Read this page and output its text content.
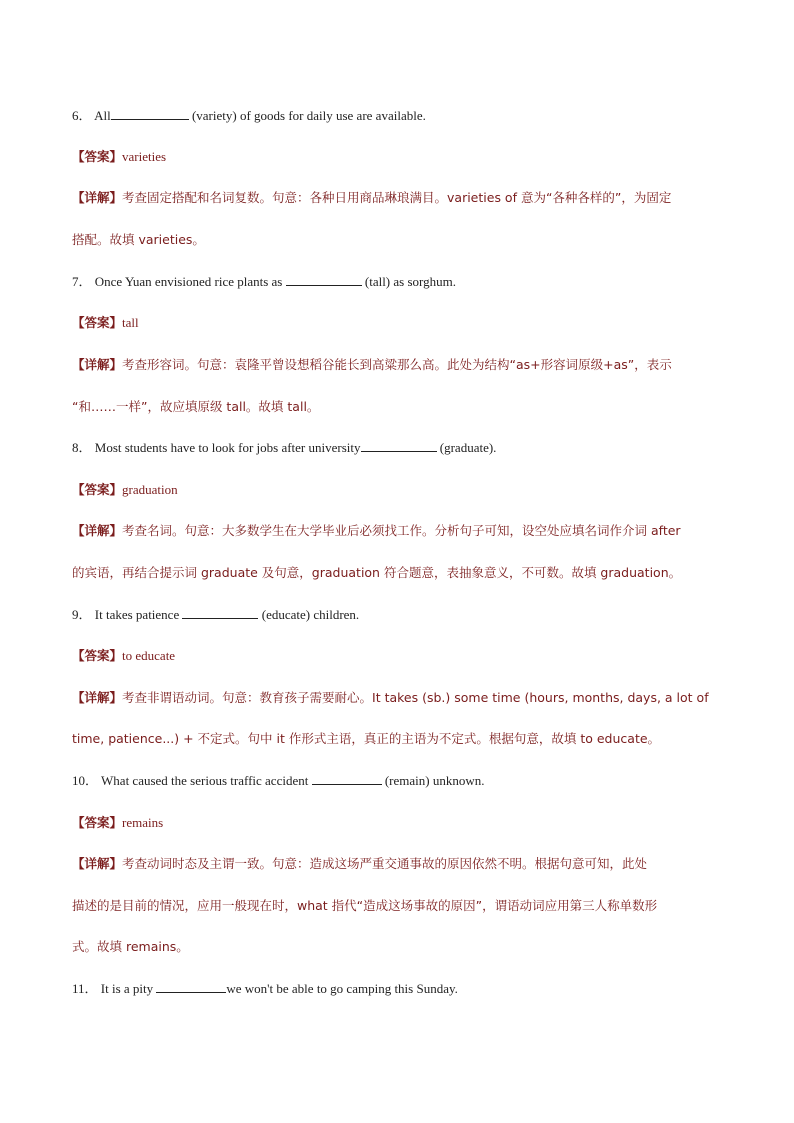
6． All	(variety) of goods for daily use are available.
【答案】varieties
【详解】考查固定搭配和名词复数。句意：各种日用商品琳琅满目。varieties of 意为“各种各样的”，为固定
搭配。故填 varieties。
7． Once Yuan envisioned rice plants as	(tall) as sorghum.
【答案】tall
【详解】考查形容词。句意：袁隆平曾设想稻谷能长到高粱那么高。此处为结构“as+形容词原级+as”，表示
“和……一样”，故应填原级 tall。故填 tall。
8． Most students have to look for jobs after university	(graduate).
【答案】graduation
【详解】考查名词。句意：大多数学生在大学毕业后必须找工作。分析句子可知，设空处应填名词作介词 after
的宾语，再结合提示词 graduate 及句意，graduation 符合题意，表抽象意义，不可数。故填 graduation。
9． It takes patience	(educate) children.
【答案】to educate
【详解】考查非谓语动词。句意：教育孩子需要耐心。It takes (sb.) some time (hours, months, days, a lot of
time, patience...) + 不定式。句中 it 作形式主语，真正的主语为不定式。根据句意，故填 to educate。
10． What caused the serious traffic accident	(remain) unknown.
【答案】remains
【详解】考查动词时态及主谓一致。句意：造成这场严重交通事故的原因依然不明。根据句意可知，此处
描述的是目前的情况，应用一般现在时，what 指代“造成这场事故的原因”，谓语动词应用第三人称单数形
式。故填 remains。
11． It is a pity	we won't be able to go camping this Sunday.
